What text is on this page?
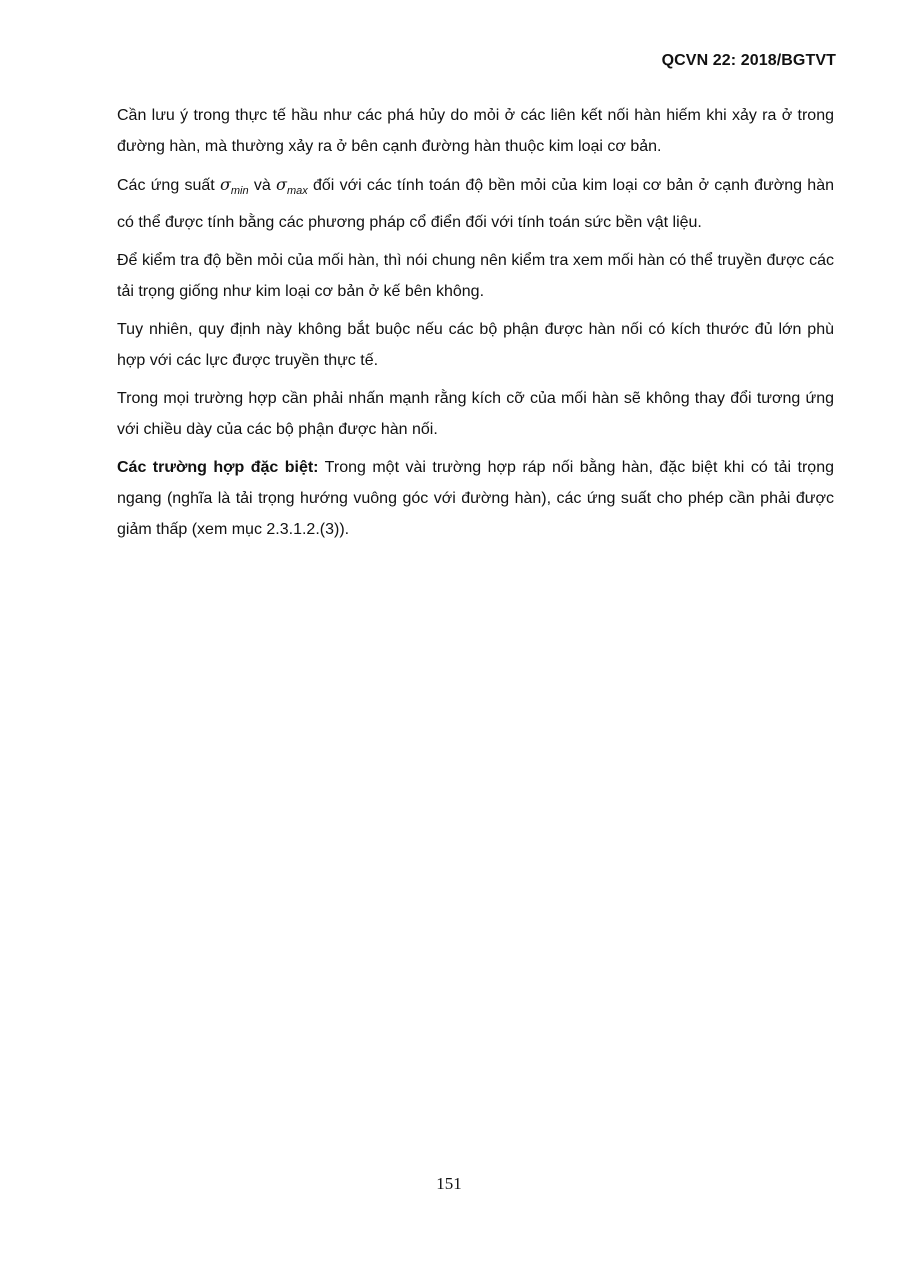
QCVN 22: 2018/BGTVT

Cần lưu ý trong thực tế hầu như các phá hủy do mỏi ở các liên kết nối hàn hiếm khi xảy ra ở trong đường hàn, mà thường xảy ra ở bên cạnh đường hàn thuộc kim loại cơ bản.

Các ứng suất $\sigma_{min}$ và $\sigma_{max}$ đối với các tính toán độ bền mỏi của kim loại cơ bản ở cạnh đường hàn có thể được tính bằng các phương pháp cổ điển đối với tính toán sức bền vật liệu.

Để kiểm tra độ bền mỏi của mối hàn, thì nói chung nên kiểm tra xem mối hàn có thể truyền được các tải trọng giống như kim loại cơ bản ở kế bên không.

Tuy nhiên, quy định này không bắt buộc nếu các bộ phận được hàn nối có kích thước đủ lớn phù hợp với các lực được truyền thực tế.

Trong mọi trường hợp cần phải nhấn mạnh rằng kích cỡ của mối hàn sẽ không thay đổi tương ứng với chiều dày của các bộ phận được hàn nối.

Các trường hợp đặc biệt: Trong một vài trường hợp ráp nối bằng hàn, đặc biệt khi có tải trọng ngang (nghĩa là tải trọng hướng vuông góc với đường hàn), các ứng suất cho phép cần phải được giảm thấp (xem mục 2.3.1.2.(3)).

151
